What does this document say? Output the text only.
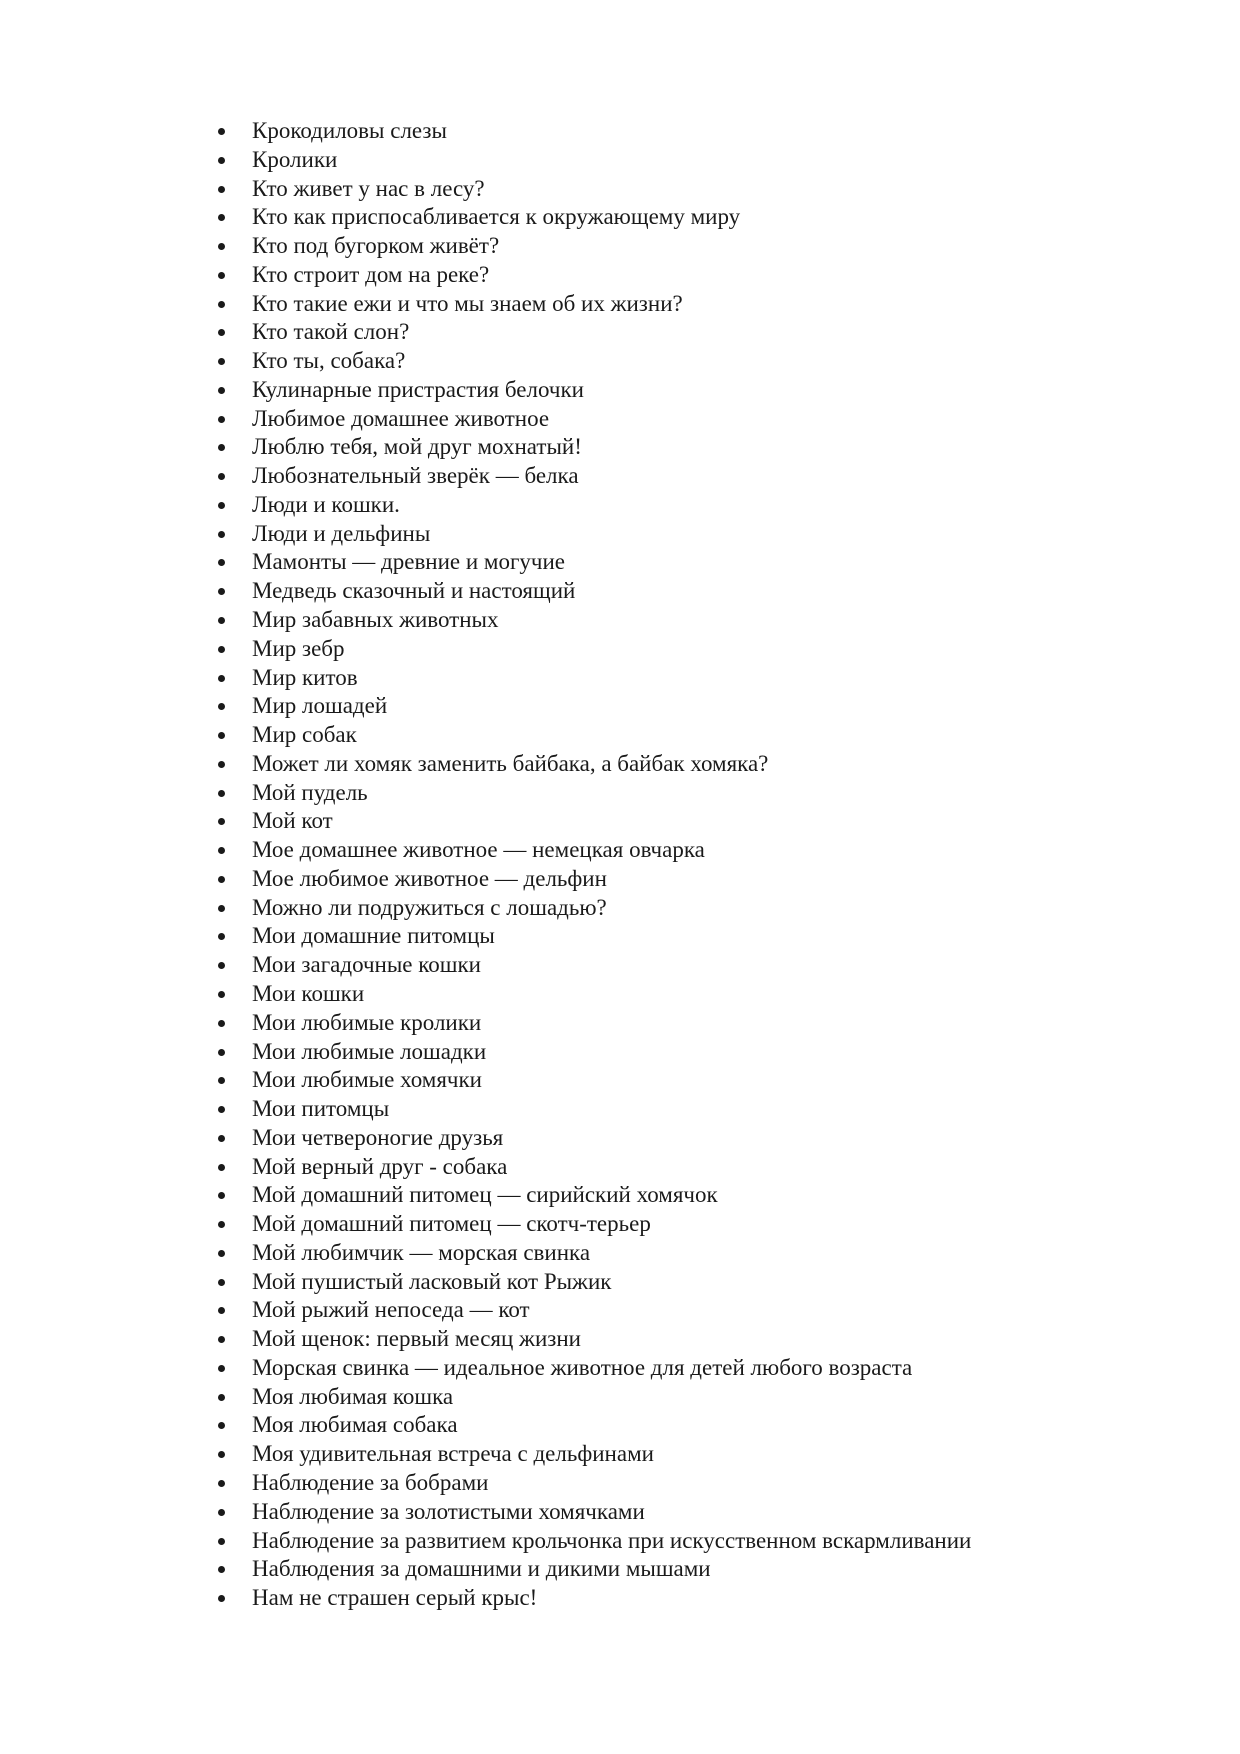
Крокодиловы слезы
Кролики
Кто живет у нас в лесу?
Кто как приспосабливается к окружающему миру
Кто под бугорком живёт?
Кто строит дом на реке?
Кто такие ежи и что мы знаем об их жизни?
Кто такой слон?
Кто ты, собака?
Кулинарные пристрастия белочки
Любимое домашнее животное
Люблю тебя, мой друг мохнатый!
Любознательный зверёк — белка
Люди и кошки.
Люди и дельфины
Мамонты — древние и могучие
Медведь сказочный и настоящий
Мир забавных животных
Мир зебр
Мир китов
Мир лошадей
Мир собак
Может ли хомяк заменить байбака, а байбак хомяка?
Мой пудель
Мой кот
Мое домашнее животное — немецкая овчарка
Мое любимое животное — дельфин
Можно ли подружиться с лошадью?
Мои домашние питомцы
Мои загадочные кошки
Мои кошки
Мои любимые кролики
Мои любимые лошадки
Мои любимые хомячки
Мои питомцы
Мои четвероногие друзья
Мой верный друг - собака
Мой домашний питомец — сирийский хомячок
Мой домашний питомец — скотч-терьер
Мой любимчик — морская свинка
Мой пушистый ласковый кот Рыжик
Мой рыжий непоседа — кот
Мой щенок: первый месяц жизни
Морская свинка — идеальное животное для детей любого возраста
Моя любимая кошка
Моя любимая собака
Моя удивительная встреча с дельфинами
Наблюдение за бобрами
Наблюдение за золотистыми хомячками
Наблюдение за развитием крольчонка при искусственном вскармливании
Наблюдения за домашними и дикими мышами
Нам не страшен серый крыс!
